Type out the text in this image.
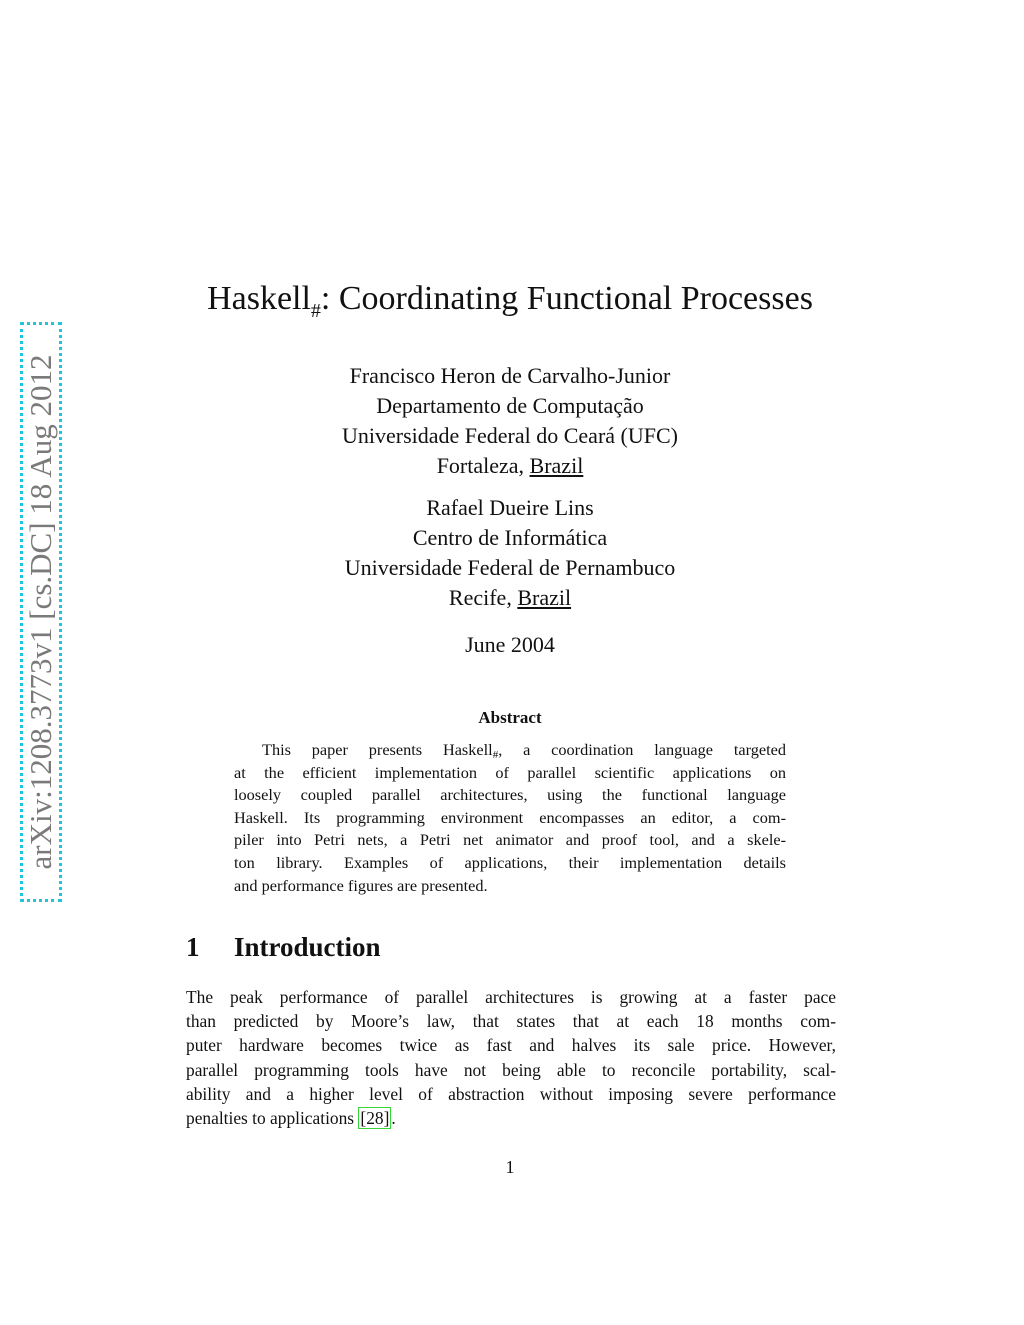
arXiv:1208.3773v1 [cs.DC] 18 Aug 2012
Haskell$_{\#}$: Coordinating Functional Processes
Francisco Heron de Carvalho-Junior
Departamento de Computação
Universidade Federal do Ceará (UFC)
Fortaleza, Brazil
Rafael Dueire Lins
Centro de Informática
Universidade Federal de Pernambuco
Recife, Brazil
June 2004
Abstract
This paper presents Haskell$_{\#}$, a coordination language targeted
at the efficient implementation of parallel scientific applications on
loosely coupled parallel architectures, using the functional language
Haskell. Its programming environment encompasses an editor, a com-
piler into Petri nets, a Petri net animator and proof tool, and a skele-
ton library. Examples of applications, their implementation details
and performance figures are presented.
1 Introduction
The peak performance of parallel architectures is growing at a faster pace
than predicted by Moore’s law, that states that at each 18 months com-
puter hardware becomes twice as fast and halves its sale price. However,
parallel programming tools have not being able to reconcile portability, scal-
ability and a higher level of abstraction without imposing severe performance
penalties to applications [28] .
1
